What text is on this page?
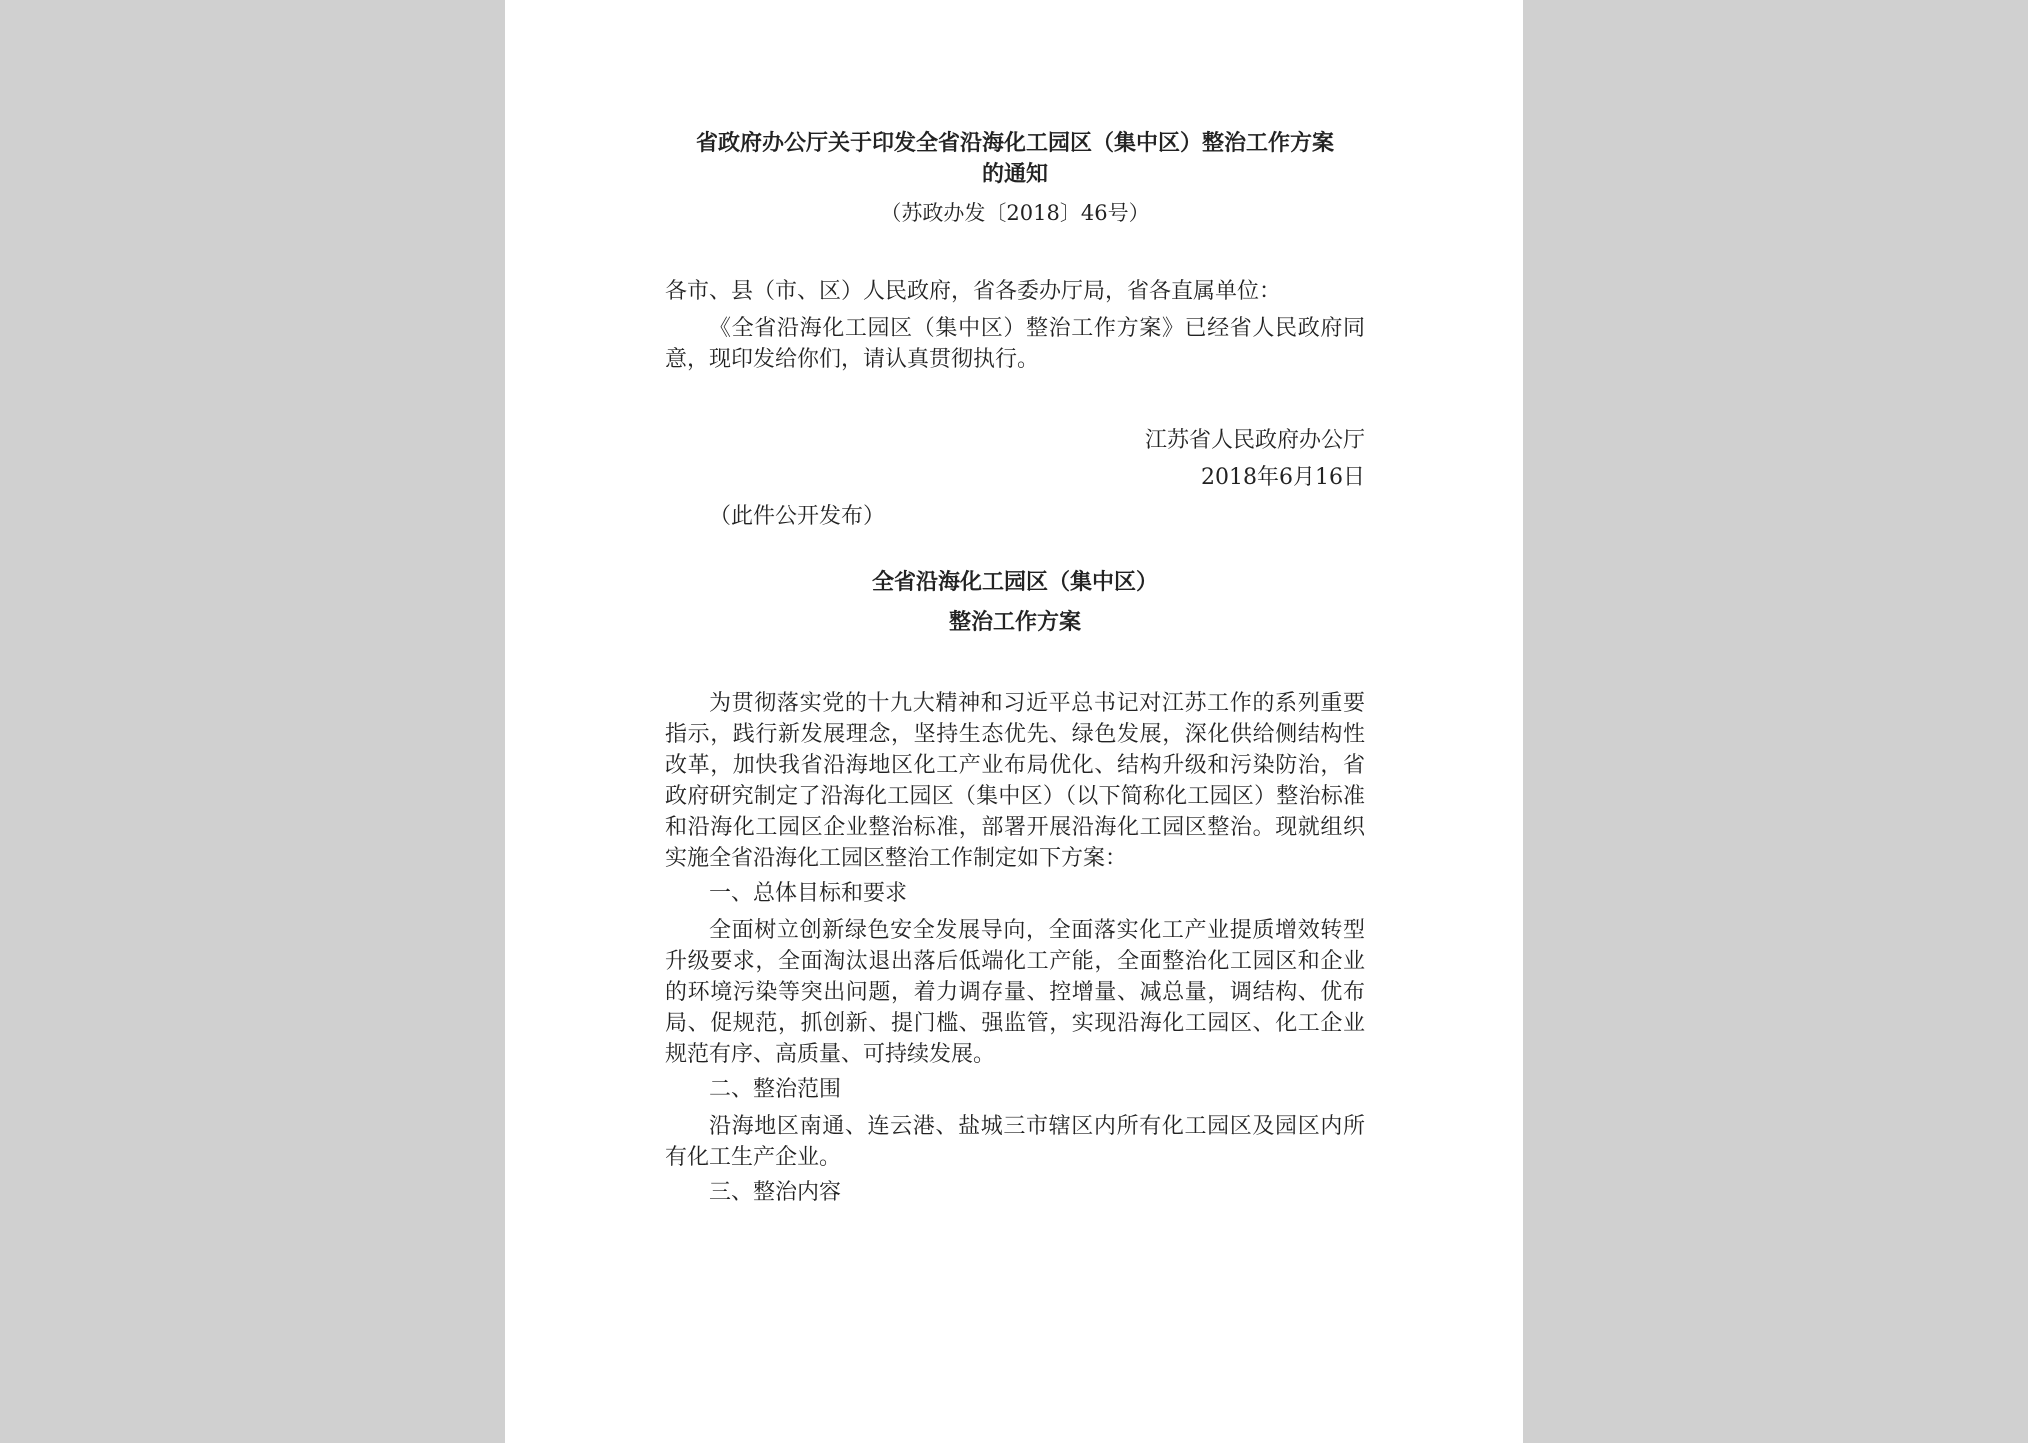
省政府办公厅关于印发全省沿海化工园区（集中区）整治工作方案
的通知
（苏政办发〔2018〕46号）

各市、县（市、区）人民政府，省各委办厅局，省各直属单位：

《全省沿海化工园区（集中区）整治工作方案》已经省人民政府同意，现印发给你们，请认真贯彻执行。

江苏省人民政府办公厅
2018年6月16日
（此件公开发布）
全省沿海化工园区（集中区）
整治工作方案

为贯彻落实党的十九大精神和习近平总书记对江苏工作的系列重要指示，践行新发展理念，坚持生态优先、绿色发展，深化供给侧结构性改革，加快我省沿海地区化工产业布局优化、结构升级和污染防治，省政府研究制定了沿海化工园区（集中区）（以下简称化工园区）整治标准和沿海化工园区企业整治标准，部署开展沿海化工园区整治。现就组织实施全省沿海化工园区整治工作制定如下方案：

一、总体目标和要求

全面树立创新绿色安全发展导向，全面落实化工产业提质增效转型升级要求，全面淘汰退出落后低端化工产能，全面整治化工园区和企业的环境污染等突出问题，着力调存量、控增量、减总量，调结构、优布局、促规范，抓创新、提门槛、强监管，实现沿海化工园区、化工企业规范有序、高质量、可持续发展。

二、整治范围

沿海地区南通、连云港、盐城三市辖区内所有化工园区及园区内所有化工生产企业。

三、整治内容
